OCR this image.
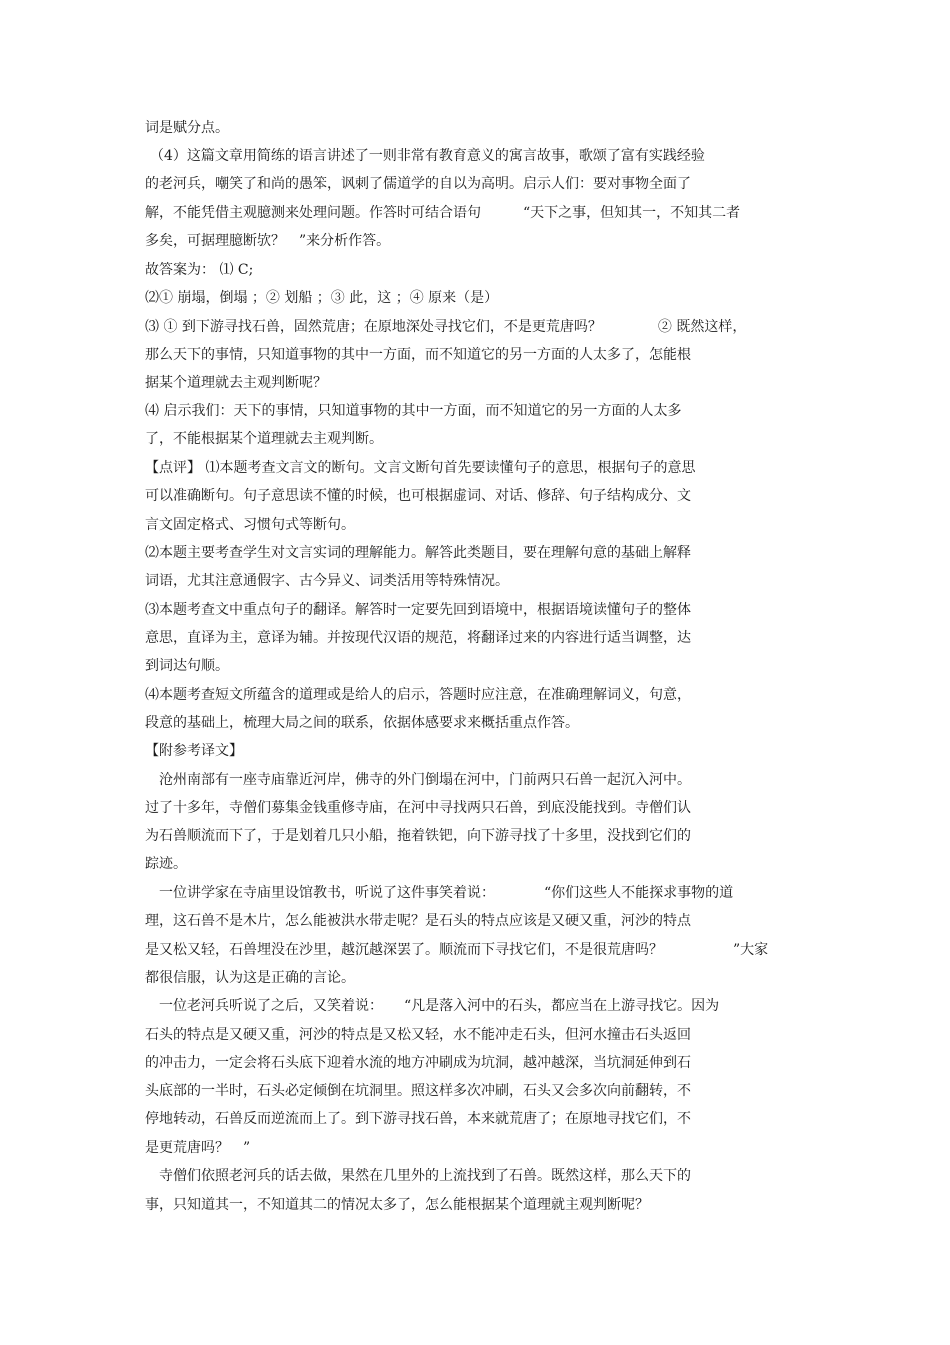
词是赋分点。
（4）这篇文章用简练的语言讲述了一则非常有教育意义的寓言故事，歌颂了富有实践经验
的老河兵，嘲笑了和尚的愚笨，讽刺了儒道学的自以为高明。启示人们：要对事物全面了
解，不能凭借主观臆测来处理问题。作答时可结合语句　　　“天下之事，但知其一，不知其二者
多矣，可据理臆断欤？　”来分析作答。
故答案为： ⑴ C;
⑵① 崩塌，倒塌 ；② 划船 ；③ 此，这 ；④ 原来（是）
⑶ ① 到下游寻找石兽，固然荒唐；在原地深处寻找它们，不是更荒唐吗？　　　　② 既然这样，
那么天下的事情，只知道事物的其中一方面，而不知道它的另一方面的人太多了，怎能根
据某个道理就去主观判断呢？
⑷ 启示我们：天下的事情，只知道事物的其中一方面，而不知道它的另一方面的人太多
了，不能根据某个道理就去主观判断。
【点评】 ⑴本题考查文言文的断句。文言文断句首先要读懂句子的意思，根据句子的意思
可以准确断句。句子意思读不懂的时候，也可根据虚词、对话、修辞、句子结构成分、文
言文固定格式、习惯句式等断句。
⑵本题主要考查学生对文言实词的理解能力。解答此类题目，要在理解句意的基础上解释
词语，尤其注意通假字、古今异义、词类活用等特殊情况。
⑶本题考查文中重点句子的翻译。解答时一定要先回到语境中，根据语境读懂句子的整体
意思，直译为主，意译为辅。并按现代汉语的规范，将翻译过来的内容进行适当调整，达
到词达句顺。
⑷本题考查短文所蕴含的道理或是给人的启示，答题时应注意，在准确理解词义，句意，
段意的基础上，梳理大局之间的联系，依据体感要求来概括重点作答。
【附参考译文】
　沧州南部有一座寺庙靠近河岸，佛寺的外门倒塌在河中，门前两只石兽一起沉入河中。
过了十多年，寺僧们募集金钱重修寺庙，在河中寻找两只石兽，到底没能找到。寺僧们认
为石兽顺流而下了，于是划着几只小船，拖着铁钯，向下游寻找了十多里，没找到它们的
踪迹。
　一位讲学家在寺庙里设馆教书，听说了这件事笑着说：　　　　“你们这些人不能探求事物的道
理，这石兽不是木片，怎么能被洪水带走呢？是石头的特点应该是又硬又重，河沙的特点
是又松又轻，石兽埋没在沙里，越沉越深罢了。顺流而下寻找它们，不是很荒唐吗？　　　　　”大家
都很信服，认为这是正确的言论。
　一位老河兵听说了之后，又笑着说：　　“凡是落入河中的石头，都应当在上游寻找它。因为
石头的特点是又硬又重，河沙的特点是又松又轻，水不能冲走石头，但河水撞击石头返回
的冲击力，一定会将石头底下迎着水流的地方冲刷成为坑洞，越冲越深，当坑洞延伸到石
头底部的一半时，石头必定倾倒在坑洞里。照这样多次冲刷，石头又会多次向前翻转，不
停地转动，石兽反而逆流而上了。到下游寻找石兽，本来就荒唐了；在原地寻找它们，不
是更荒唐吗？　”
　寺僧们依照老河兵的话去做，果然在几里外的上流找到了石兽。既然这样，那么天下的
事，只知道其一，不知道其二的情况太多了，怎么能根据某个道理就主观判断呢？
